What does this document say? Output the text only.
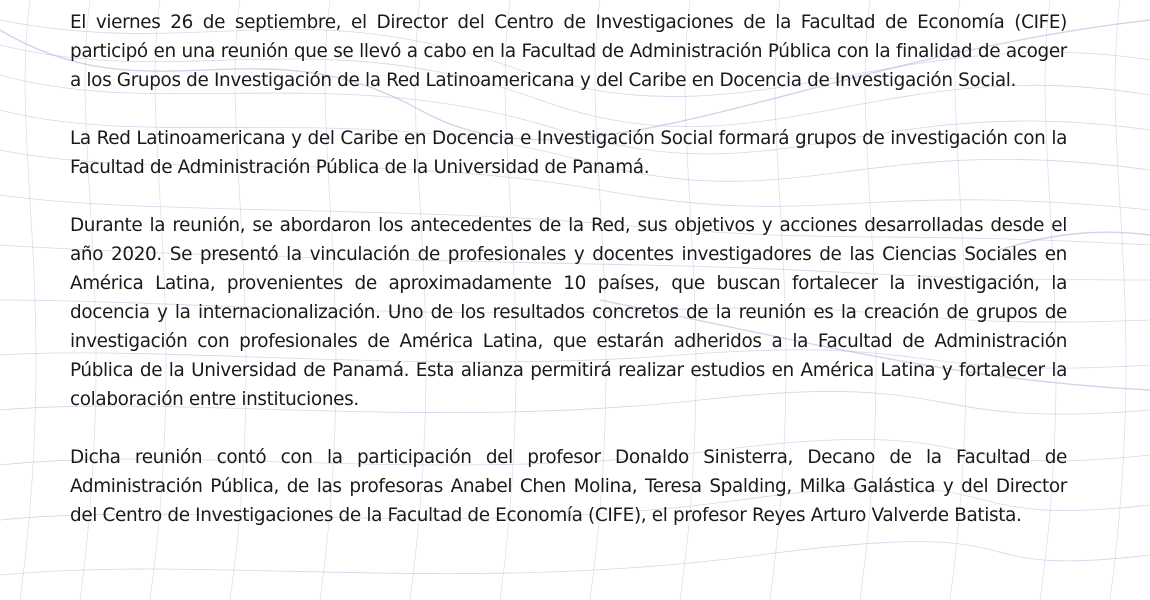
El viernes 26 de septiembre, el Director del Centro de Investigaciones de la Facultad de Economía (CIFE) participó en una reunión que se llevó a cabo en la Facultad de Administración Pública con la finalidad de acoger a los Grupos de Investigación de la Red Latinoamericana y del Caribe en Docencia de Investigación Social.

La Red Latinoamericana y del Caribe en Docencia e Investigación Social formará grupos de investigación con la Facultad de Administración Pública de la Universidad de Panamá.

Durante la reunión, se abordaron los antecedentes de la Red, sus objetivos y acciones desarrolladas desde el año 2020. Se presentó la vinculación de profesionales y docentes investigadores de las Ciencias Sociales en América Latina, provenientes de aproximadamente 10 países, que buscan fortalecer la investigación, la docencia y la internacionalización. Uno de los resultados concretos de la reunión es la creación de grupos de investigación con profesionales de América Latina, que estarán adheridos a la Facultad de Administración Pública de la Universidad de Panamá. Esta alianza permitirá realizar estudios en América Latina y fortalecer la colaboración entre instituciones.

Dicha reunión contó con la participación del profesor Donaldo Sinisterra, Decano de la Facultad de Administración Pública, de las profesoras Anabel Chen Molina, Teresa Spalding, Milka Galástica y del Director del Centro de Investigaciones de la Facultad de Economía (CIFE), el profesor Reyes Arturo Valverde Batista.
